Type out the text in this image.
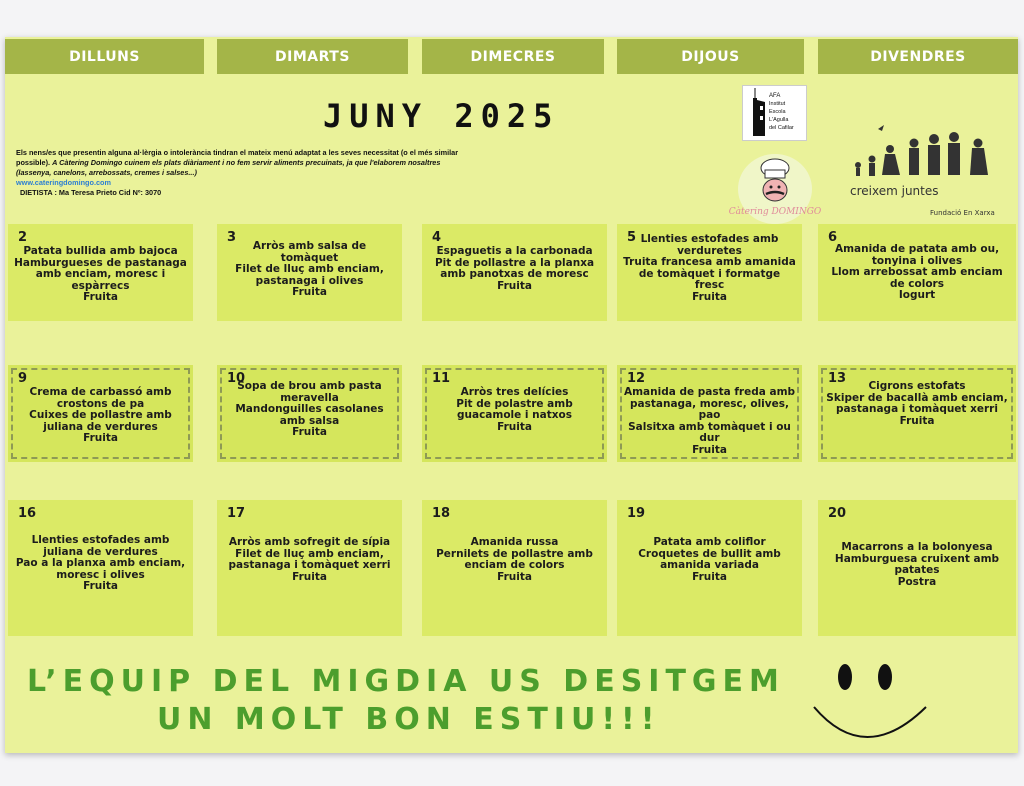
DILLUNS	DIMARTS	DIMECRES	DIJOUS	DIVENDRES
JUNY 2025
Els nens/es que presentin alguna al·lèrgia o intolerància tindran el mateix menú adaptat a les seves necessitat (o el més similar possible). A Càtering Domingo cuinem els plats diàriament i no fem servir aliments precuinats, ja que l'elaborem nosaltres (lassenya, canelons, arrebossats, cremes i salses...)
www.cateringdomingo.com
DIETISTA : Ma Teresa Prieto Cid Nº: 3070
AFA
Institut
Escola
L'Agulla
del Cafilar
Càtering DOMINGO
creixem juntes
Fundació En Xarxa
2
Patata bullida amb bajoca
Hamburgueses de pastanaga amb enciam, moresc i espàrrecs
Fruita
3
Arròs amb salsa de tomàquet
Filet de lluç amb enciam, pastanaga i olives
Fruita
4
Espaguetis a la carbonada
Pit de pollastre a la planxa amb panotxas de moresc
Fruita
5 Llenties estofades amb verduretes
Truita francesa amb amanida de tomàquet i formatge fresc
Fruita
6
Amanida de patata amb ou, tonyina i olives
Llom arrebossat amb enciam de colors
Iogurt
9
Crema de carbassó amb crostons de pa
Cuixes de pollastre amb juliana de verdures
Fruita
10
Sopa de brou amb pasta meravella
Mandonguilles casolanes amb salsa
Fruita
11
Arròs tres delícies
Pit de polastre amb guacamole i natxos
Fruita
12
Amanida de pasta freda amb pastanaga, moresc, olives, pao
Salsitxa amb tomàquet i ou dur
Fruita
13	Cigrons estofats
Skiper de bacallà amb enciam, pastanaga i tomàquet xerri
Fruita
16
Llenties estofades amb juliana de verdures
Pao a la planxa amb enciam, moresc i olives
Fruita
17
Arròs amb sofregit de sípia
Filet de lluç amb enciam, pastanaga i tomàquet xerri
Fruita
18
Amanida russa
Pernilets de pollastre amb enciam de colors
Fruita
19
Patata amb coliflor
Croquetes de bullit amb amanida variada
Fruita
20
Macarrons a la bolonyesa
Hamburguesa cruixent amb patates
Postra
L’EQUIP DEL MIGDIA US DESITGEM
UN MOLT BON ESTIU!!!
